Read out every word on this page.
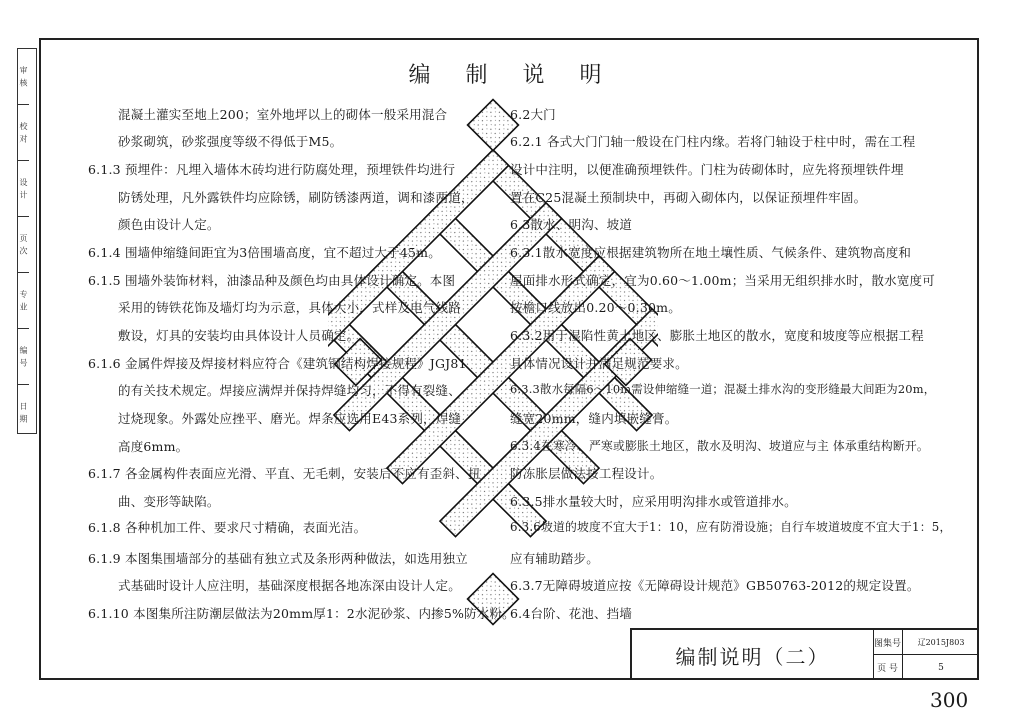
审 核
校 对
设 计
页 次
专 业
编 号
日 期
编 制 说 明
混凝土灌实至地上200；室外地坪以上的砌体一般采用混合
砂浆砌筑，砂浆强度等级不得低于M5。
6.1.3 预埋件：凡埋入墙体木砖均进行防腐处理，预埋铁件均进行
防锈处理，凡外露铁件均应除锈，刷防锈漆两道，调和漆两道，
颜色由设计人定。
6.1.4 围墙伸缩缝间距宜为3倍围墙高度，宜不超过大于45m。
6.1.5 围墙外装饰材料，油漆品种及颜色均由具体设计确定。本图
采用的铸铁花饰及墙灯均为示意，具体大小，式样及电气线路
敷设，灯具的安装均由具体设计人员确定。
6.1.6 金属件焊接及焊接材料应符合《建筑钢结构焊接规程》JGJ81
的有关技术规定。焊接应满焊并保持焊缝均匀，不得有裂缝、
过烧现象。外露处应挫平、磨光。焊条应选用E43系列，焊缝
高度6mm。
6.1.7 各金属构件表面应光滑、平直、无毛刺，安装后不应有歪斜、扭
曲、变形等缺陷。
6.1.8 各种机加工件、要求尺寸精确，表面光洁。
6.1.9 本图集围墙部分的基础有独立式及条形两种做法，如选用独立
式基础时设计人应注明，基础深度根据各地冻深由设计人定。
6.1.10 本图集所注防潮层做法为20mm厚1：2水泥砂浆、内掺5%防水粉。
6.2大门
6.2.1 各式大门门轴一般设在门柱内缘。若将门轴设于柱中时，需在工程
设计中注明，以便准确预埋铁件。门柱为砖砌体时，应先将预埋铁件埋
置在C25混凝土预制块中，再砌入砌体内，以保证预埋件牢固。
6.3散水、明沟、坡道
6.3.1散水宽度应根据建筑物所在地土壤性质、气候条件、建筑物高度和
屋面排水形式确定，宜为0.60～1.00m；当采用无组织排水时，散水宽度可
按檐口线放出0.20～0.30m。
6.3.2用于湿陷性黄土地区、膨胀土地区的散水，宽度和坡度等应根据工程
具体情况设计并满足规范要求。
6.3.3散水每隔6～10m需设伸缩缝一道；混凝土排水沟的变形缝最大间距为20m，
缝宽20mm，缝内填嵌缝膏。
6.3.4在寒冷、严寒或膨胀土地区，散水及明沟、坡道应与主 体承重结构断开。
防冻胀层做法按工程设计。
6.3.5排水量较大时，应采用明沟排水或管道排水。
6.3.6坡道的坡度不宜大于1：10，应有防滑设施；自行车坡道坡度不宜大于1：5，
应有辅助踏步。
6.3.7无障碍坡道应按《无障碍设计规范》GB50763-2012的规定设置。
6.4台阶、花池、挡墙
编制说明（二）
图集号	辽2015J803
页 号	5
300
